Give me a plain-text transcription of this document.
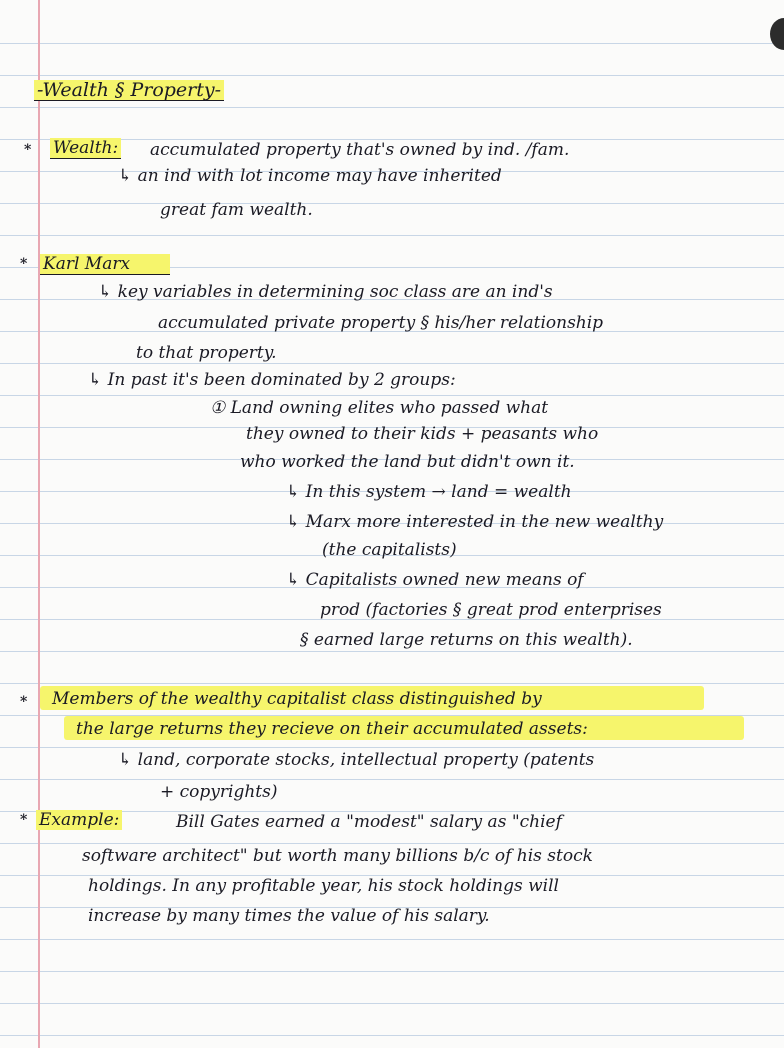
-Wealth § Property-
* Wealth: accumulated property that's owned by ind. /fam.
↳ an ind with lot income may have inherited
great fam wealth.
* Karl Marx
↳ key variables in determining soc class are an ind's
accumulated private property § his/her relationship
to that property.
↳ In past it's been dominated by 2 groups:
① Land owning elites who passed what
they owned to their kids + peasants who
who worked the land but didn't own it.
↳ In this system → land = wealth
↳ Marx more interested in the new wealthy
(the capitalists)
↳ Capitalists owned new means of
prod (factories § great prod enterprises
§ earned large returns on this wealth).
* Members of the wealthy capitalist class distinguished by
the large returns they recieve on their accumulated assets:
↳ land, corporate stocks, intellectual property (patents
+ copyrights)
* Example:	Bill Gates earned a "modest" salary as "chief
software architect" but worth many billions b/c of his stock
holdings. In any profitable year, his stock holdings will
increase by many times the value of his salary.
